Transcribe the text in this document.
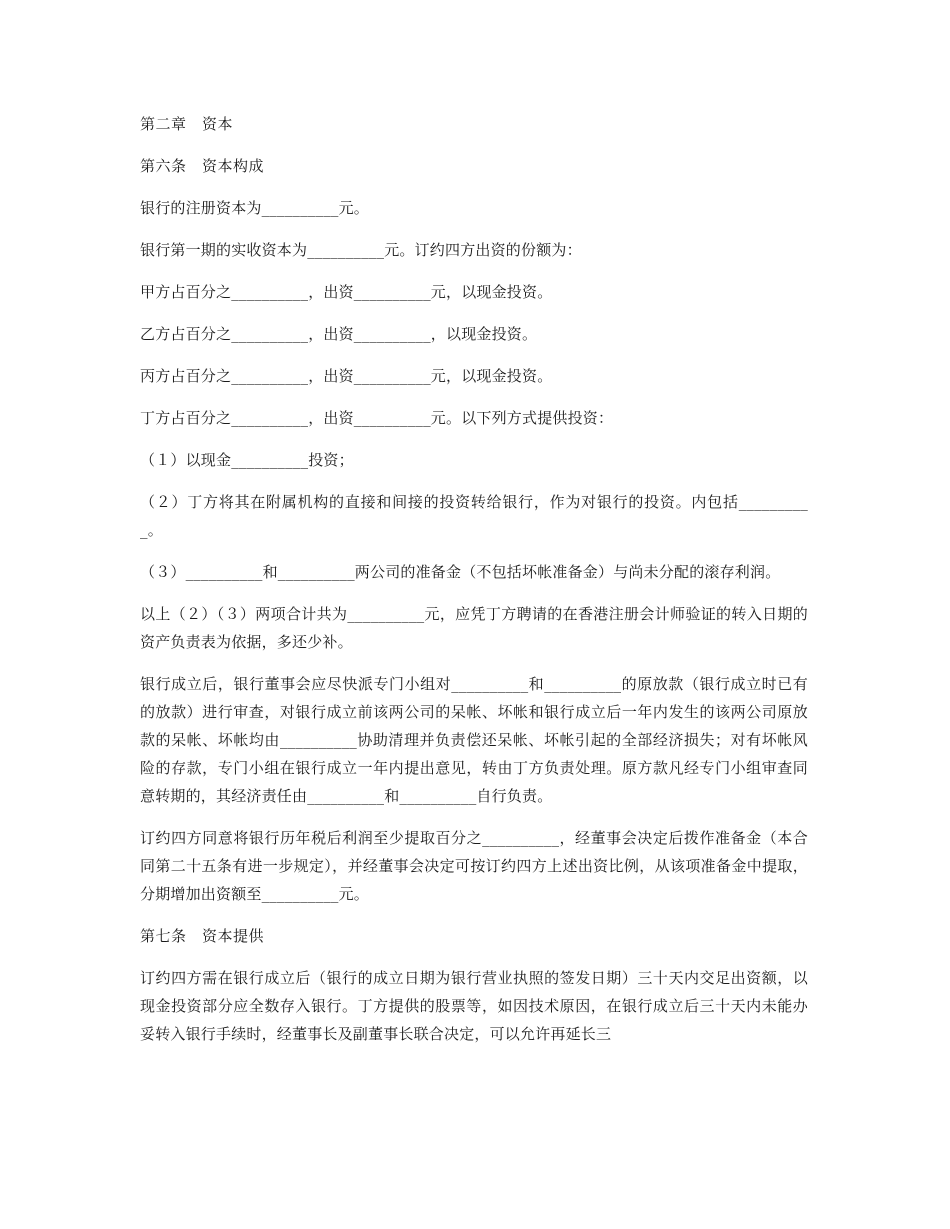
第二章　资本

第六条　资本构成

银行的注册资本为__________元。

银行第一期的实收资本为__________元。订约四方出资的份额为：

甲方占百分之__________，出资__________元，以现金投资。

乙方占百分之__________，出资__________，以现金投资。

丙方占百分之__________，出资__________元，以现金投资。

丁方占百分之__________，出资__________元。以下列方式提供投资：

（１）以现金__________投资；

（２）丁方将其在附属机构的直接和间接的投资转给银行，作为对银行的投资。内包括__________。

（３）__________和__________两公司的准备金（不包括坏帐准备金）与尚未分配的滚存利润。

以上（２）（３）两项合计共为__________元，应凭丁方聘请的在香港注册会计师验证的转入日期的资产负责表为依据，多还少补。

银行成立后，银行董事会应尽快派专门小组对__________和__________的原放款（银行成立时已有的放款）进行审查，对银行成立前该两公司的呆帐、坏帐和银行成立后一年内发生的该两公司原放款的呆帐、坏帐均由__________协助清理并负责偿还呆帐、坏帐引起的全部经济损失；对有坏帐风险的存款，专门小组在银行成立一年内提出意见，转由丁方负责处理。原方款凡经专门小组审查同意转期的，其经济责任由__________和__________自行负责。

订约四方同意将银行历年税后利润至少提取百分之__________，经董事会决定后拨作准备金（本合同第二十五条有进一步规定），并经董事会决定可按订约四方上述出资比例，从该项准备金中提取，分期增加出资额至__________元。

第七条　资本提供

订约四方需在银行成立后（银行的成立日期为银行营业执照的签发日期）三十天内交足出资额，以现金投资部分应全数存入银行。丁方提供的股票等，如因技术原因，在银行成立后三十天内未能办妥转入银行手续时，经董事长及副董事长联合决定，可以允许再延长三
